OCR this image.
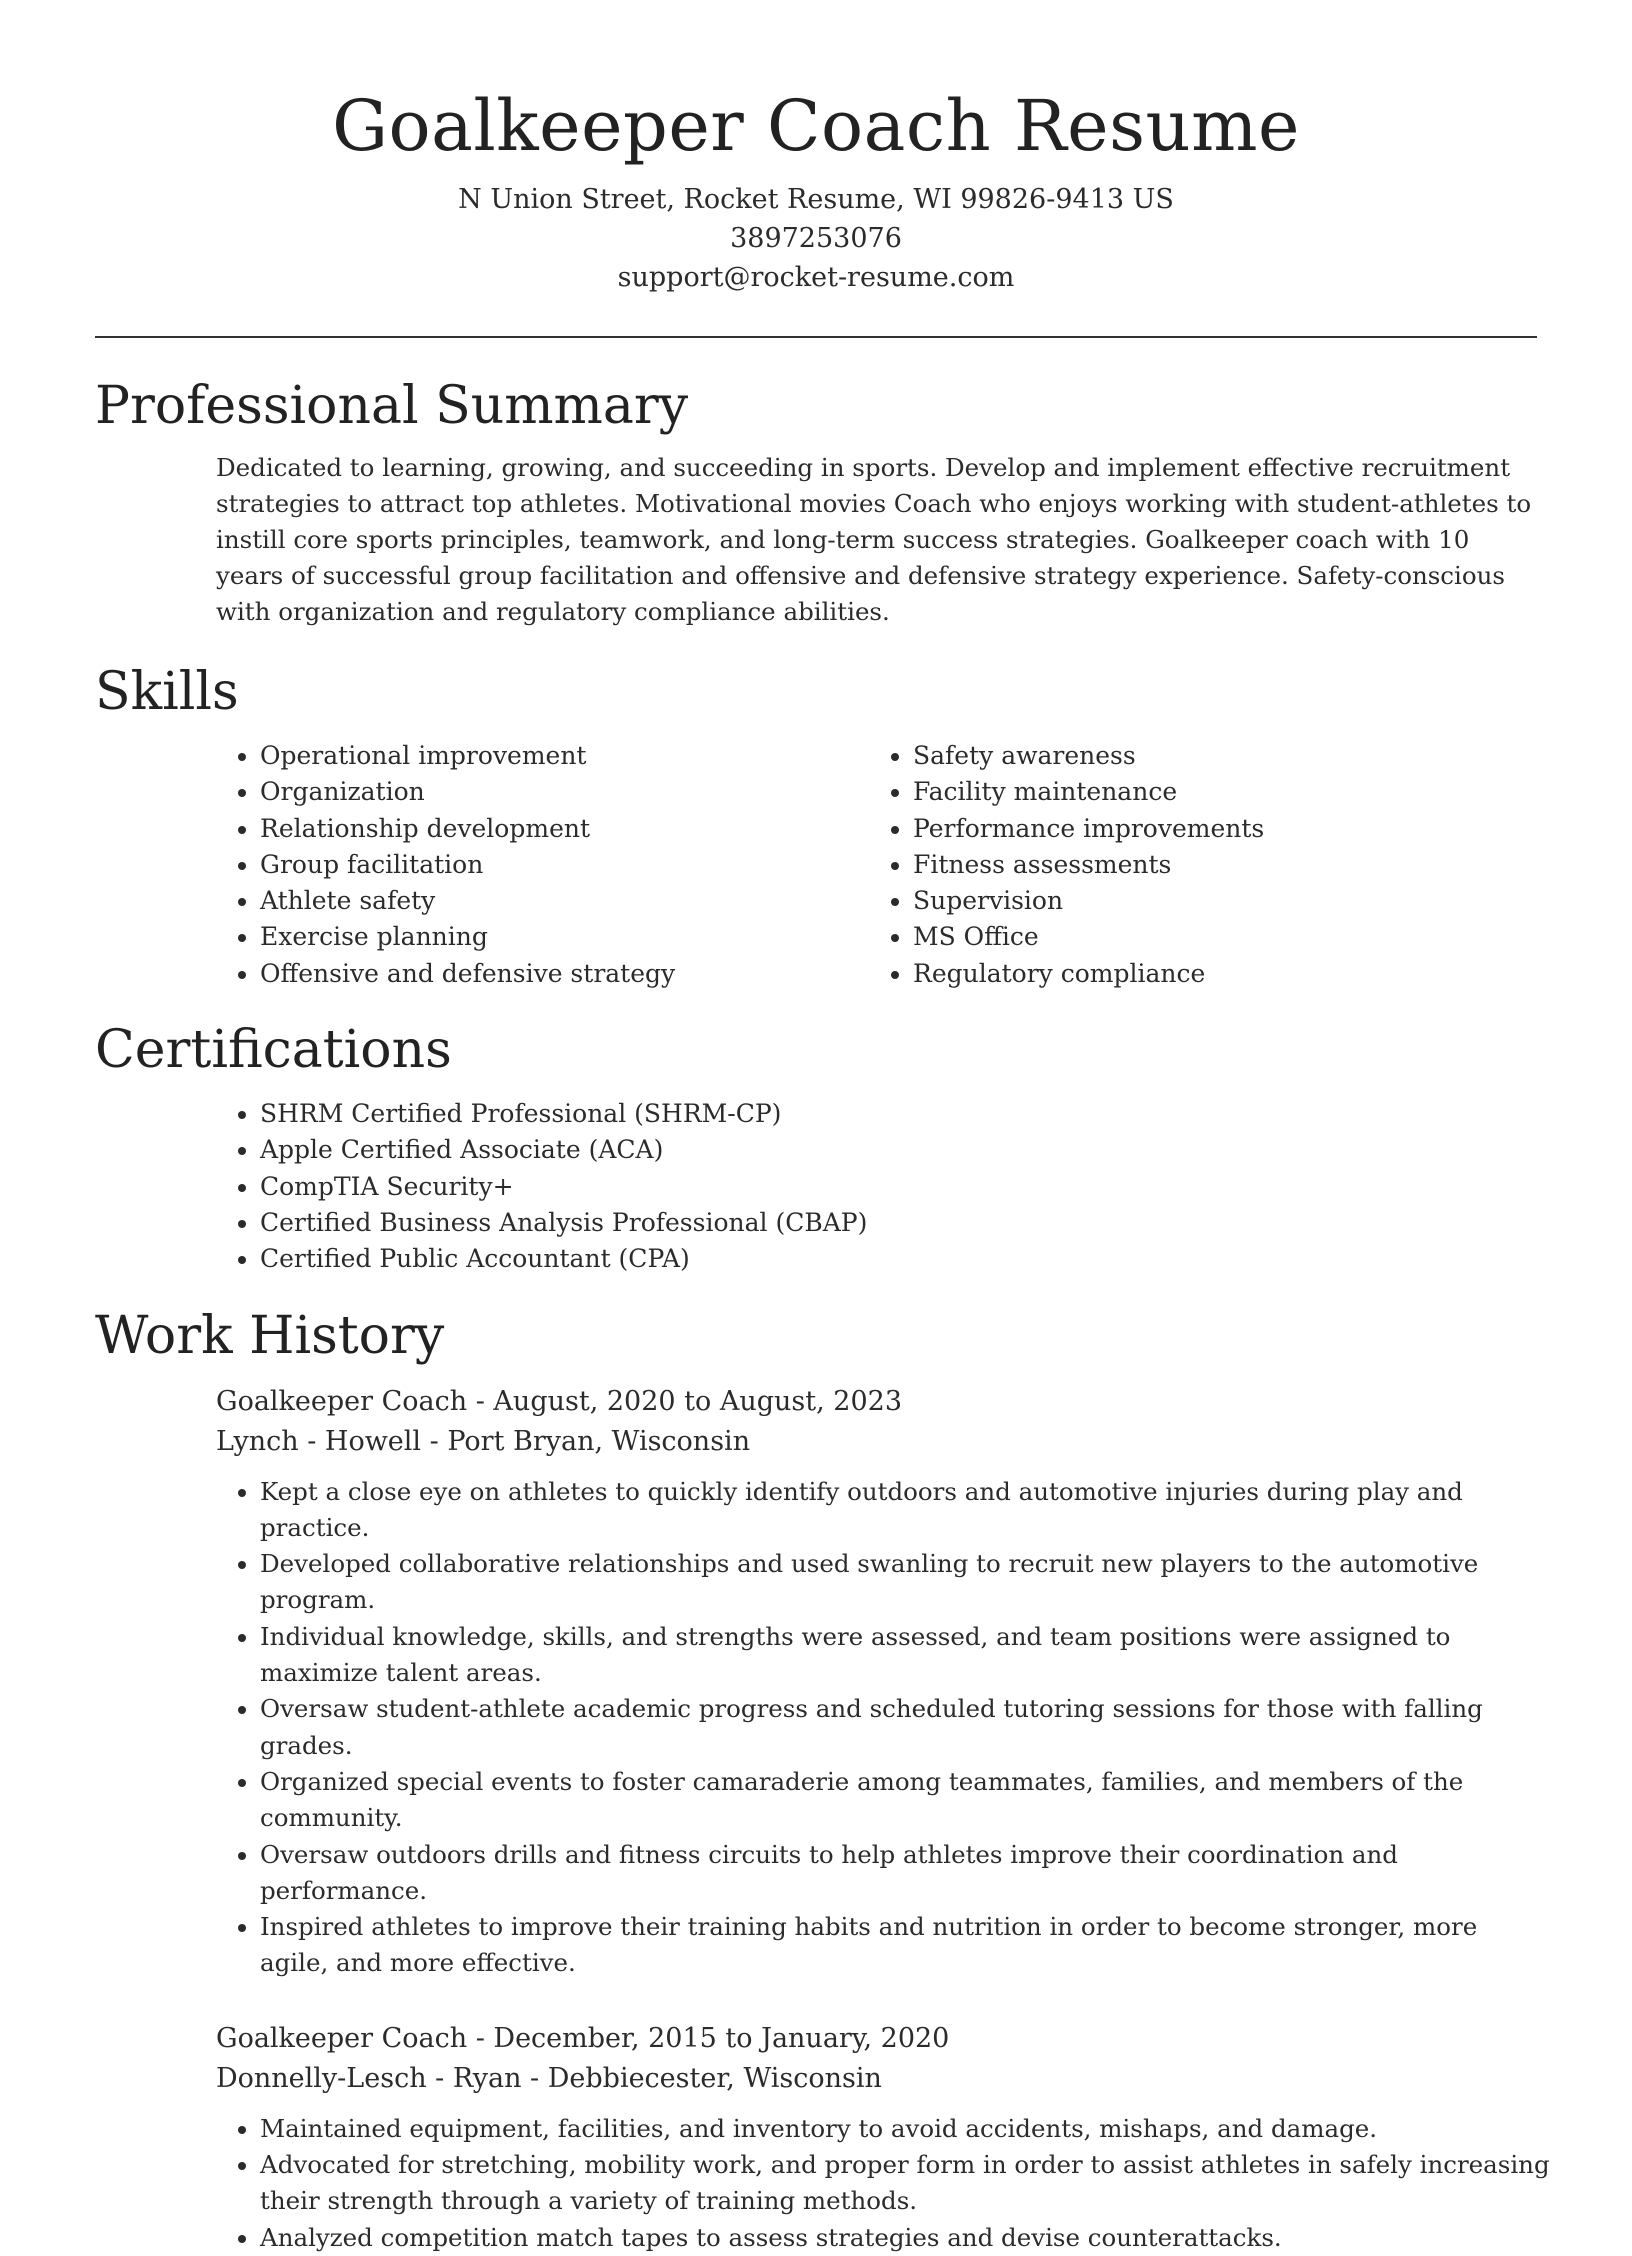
Goalkeeper Coach Resume
N Union Street, Rocket Resume, WI 99826-9413 US
3897253076
support@rocket-resume.com
Professional Summary

Dedicated to learning, growing, and succeeding in sports. Develop and implement effective recruitment strategies to attract top athletes. Motivational movies Coach who enjoys working with student-athletes to instill core sports principles, teamwork, and long-term success strategies. Goalkeeper coach with 10 years of successful group facilitation and offensive and defensive strategy experience. Safety-conscious with organization and regulatory compliance abilities.

Skills
• Operational improvement
• Organization
• Relationship development
• Group facilitation
• Athlete safety
• Exercise planning
• Offensive and defensive strategy
• Safety awareness
• Facility maintenance
• Performance improvements
• Fitness assessments
• Supervision
• MS Office
• Regulatory compliance
Certifications
• SHRM Certified Professional (SHRM-CP)
• Apple Certified Associate (ACA)
• CompTIA Security+
• Certified Business Analysis Professional (CBAP)
• Certified Public Accountant (CPA)
Work History
Goalkeeper Coach - August, 2020 to August, 2023
Lynch - Howell - Port Bryan, Wisconsin
• Kept a close eye on athletes to quickly identify outdoors and automotive injuries during play and practice.
• Developed collaborative relationships and used swanling to recruit new players to the automotive program.
• Individual knowledge, skills, and strengths were assessed, and team positions were assigned to maximize talent areas.
• Oversaw student-athlete academic progress and scheduled tutoring sessions for those with falling grades.
• Organized special events to foster camaraderie among teammates, families, and members of the community.
• Oversaw outdoors drills and fitness circuits to help athletes improve their coordination and performance.
• Inspired athletes to improve their training habits and nutrition in order to become stronger, more agile, and more effective.
Goalkeeper Coach - December, 2015 to January, 2020
Donnelly-Lesch - Ryan - Debbiecester, Wisconsin
• Maintained equipment, facilities, and inventory to avoid accidents, mishaps, and damage.
• Advocated for stretching, mobility work, and proper form in order to assist athletes in safely increasing their strength through a variety of training methods.
• Analyzed competition match tapes to assess strategies and devise counterattacks.
